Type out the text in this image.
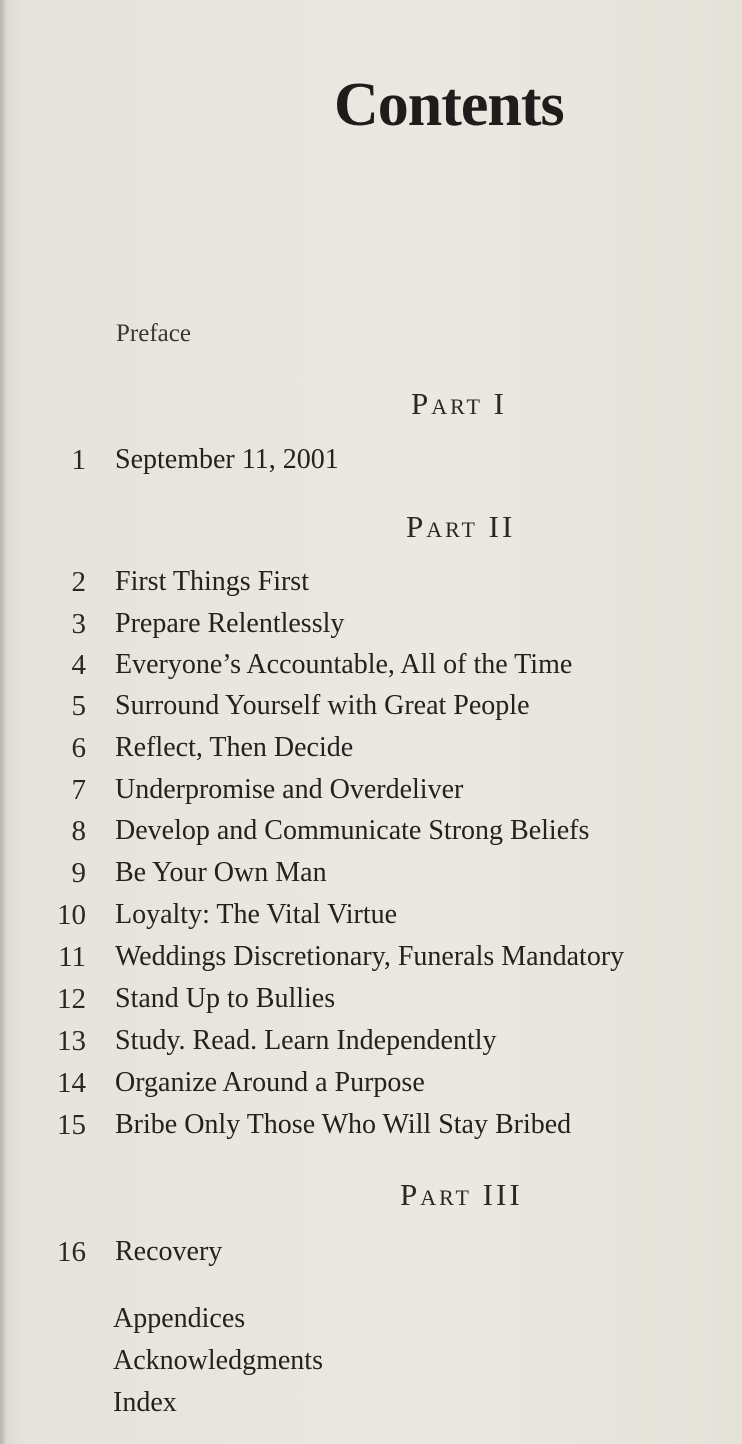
Contents
Preface
Part I
1 September 11, 2001
Part II
2 First Things First
3 Prepare Relentlessly
4 Everyone’s Accountable, All of the Time
5 Surround Yourself with Great People
6 Reflect, Then Decide
7 Underpromise and Overdeliver
8 Develop and Communicate Strong Beliefs
9 Be Your Own Man
10 Loyalty: The Vital Virtue
11 Weddings Discretionary, Funerals Mandatory
12 Stand Up to Bullies
13 Study. Read. Learn Independently
14 Organize Around a Purpose
15 Bribe Only Those Who Will Stay Bribed
Part III
16 Recovery
Appendices
Acknowledgments
Index
